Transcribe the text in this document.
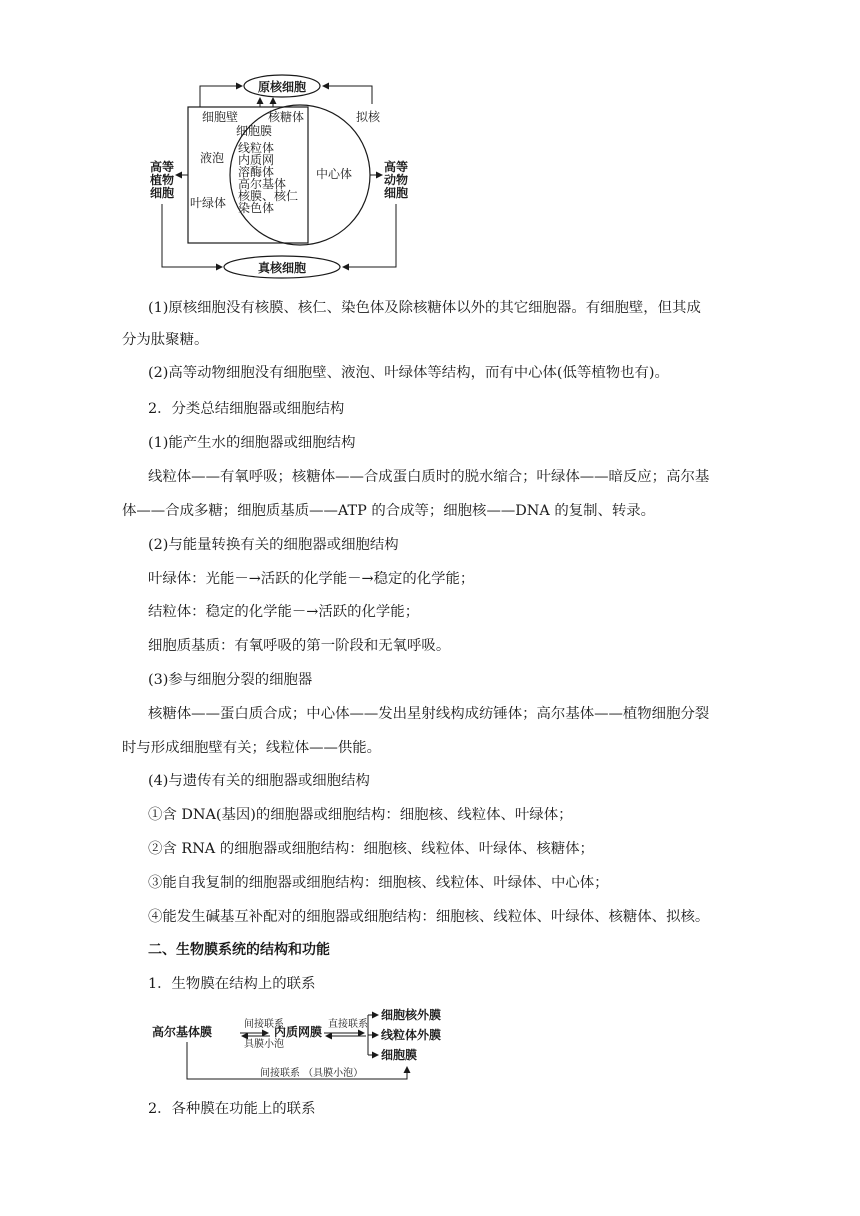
原核细胞
真核细胞
细胞壁 核糖体	拟核
细胞膜
液泡
叶绿体
中心体
线粒体
内质网
溶酶体
高尔基体
核膜、核仁
染色体
高等
植物
细胞
高等
动物
细胞
(1)原核细胞没有核膜、核仁、染色体及除核糖体以外的其它细胞器。有细胞壁，但其成
分为肽聚糖。
(2)高等动物细胞没有细胞壁、液泡、叶绿体等结构，而有中心体(低等植物也有)。
2．分类总结细胞器或细胞结构
(1)能产生水的细胞器或细胞结构
线粒体——有氧呼吸；核糖体——合成蛋白质时的脱水缩合；叶绿体——暗反应；高尔基
体——合成多糖；细胞质基质——ATP 的合成等；细胞核——DNA 的复制、转录。
(2)与能量转换有关的细胞器或细胞结构
叶绿体：光能－→活跃的化学能－→稳定的化学能；
结粒体：稳定的化学能－→活跃的化学能；
细胞质基质：有氧呼吸的第一阶段和无氧呼吸。
(3)参与细胞分裂的细胞器
核糖体——蛋白质合成；中心体——发出星射线构成纺锤体；高尔基体——植物细胞分裂
时与形成细胞壁有关；线粒体——供能。
(4)与遗传有关的细胞器或细胞结构
①含 DNA(基因)的细胞器或细胞结构：细胞核、线粒体、叶绿体；
②含 RNA 的细胞器或细胞结构：细胞核、线粒体、叶绿体、核糖体；
③能自我复制的细胞器或细胞结构：细胞核、线粒体、叶绿体、中心体；
④能发生碱基互补配对的细胞器或细胞结构：细胞核、线粒体、叶绿体、核糖体、拟核。
二、生物膜系统的结构和功能
1．生物膜在结构上的联系
高尔基体膜
间接联系
具膜小泡
内质网膜
直接联系
细胞核外膜
线粒体外膜
细胞膜
间接联系 （具膜小泡）
2．各种膜在功能上的联系
